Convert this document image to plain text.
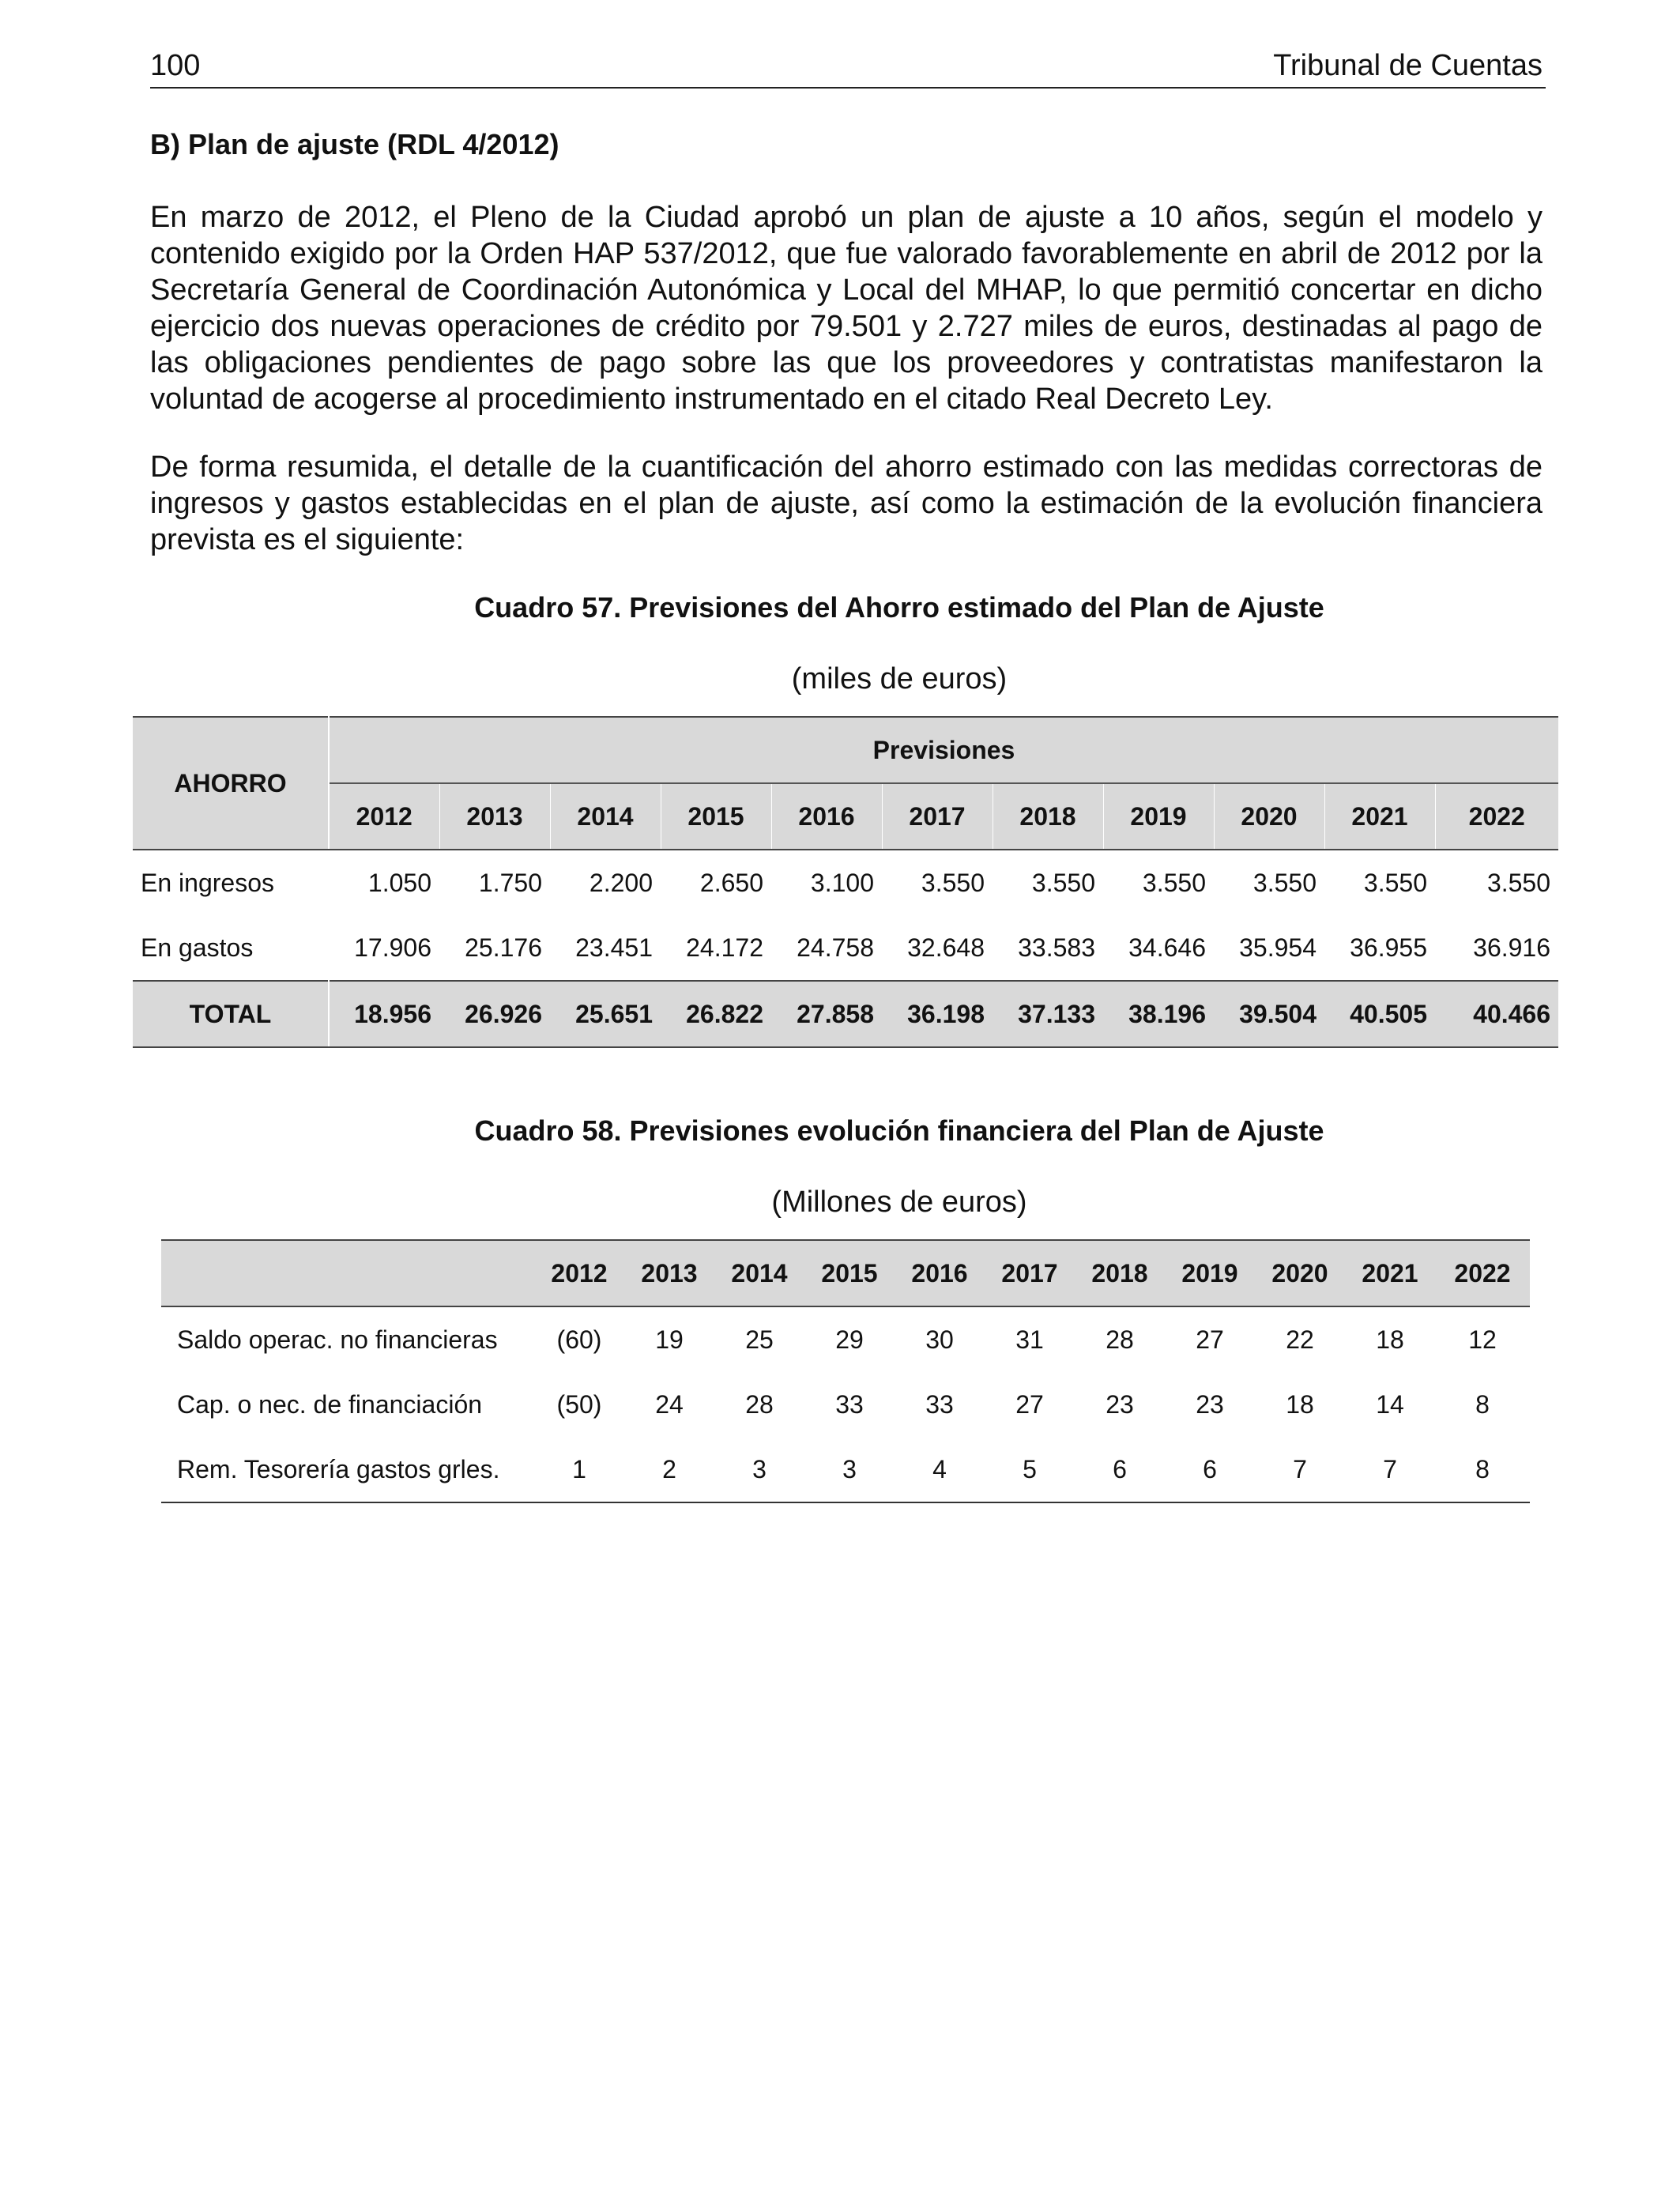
100	Tribunal de Cuentas
B) Plan de ajuste (RDL 4/2012)

En marzo de 2012, el Pleno de la Ciudad aprobó un plan de ajuste a 10 años, según el modelo y contenido exigido por la Orden HAP 537/2012, que fue valorado favorablemente en abril de 2012 por la Secretaría General de Coordinación Autonómica y Local del MHAP, lo que permitió concertar en dicho ejercicio dos nuevas operaciones de crédito por 79.501 y 2.727 miles de euros, destinadas al pago de las obligaciones pendientes de pago sobre las que los proveedores y contratistas manifestaron la voluntad de acogerse al procedimiento instrumentado en el citado Real Decreto Ley.

De forma resumida, el detalle de la cuantificación del ahorro estimado con las medidas correctoras de ingresos y gastos establecidas en el plan de ajuste, así como la estimación de la evolución financiera prevista es el siguiente:

Cuadro 57. Previsiones del Ahorro estimado del Plan de Ajuste
(miles de euros)
AHORRO	Previsiones										
	2012	2013	2014	2015	2016	2017	2018	2019	2020	2021	2022
En ingresos	1.050	1.750	2.200	2.650	3.100	3.550	3.550	3.550	3.550	3.550	3.550
En gastos	17.906	25.176	23.451	24.172	24.758	32.648	33.583	34.646	35.954	36.955	36.916
TOTAL	18.956	26.926	25.651	26.822	27.858	36.198	37.133	38.196	39.504	40.505	40.466
Cuadro 58. Previsiones evolución financiera del Plan de Ajuste
(Millones de euros)
	2012	2013	2014	2015	2016	2017	2018	2019	2020	2021	2022
Saldo operac. no financieras	(60)	19	25	29	30	31	28	27	22	18	12
Cap. o nec. de financiación	(50)	24	28	33	33	27	23	23	18	14	8
Rem. Tesorería gastos grles.	1	2	3	3	4	5	6	6	7	7	8
